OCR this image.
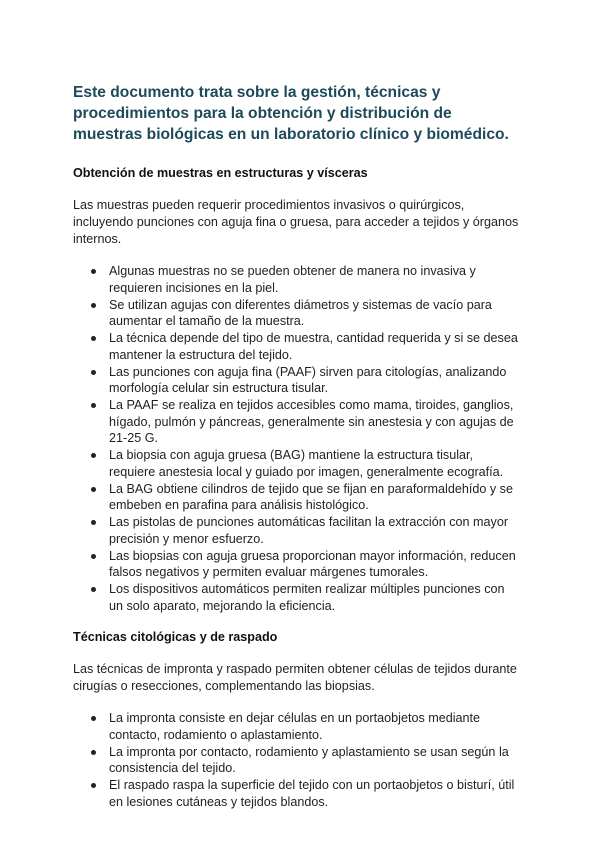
Este documento trata sobre la gestión, técnicas y procedimientos para la obtención y distribución de muestras biológicas en un laboratorio clínico y biomédico.
Obtención de muestras en estructuras y vísceras

Las muestras pueden requerir procedimientos invasivos o quirúrgicos, incluyendo punciones con aguja fina o gruesa, para acceder a tejidos y órganos internos.

Algunas muestras no se pueden obtener de manera no invasiva y requieren incisiones en la piel.
Se utilizan agujas con diferentes diámetros y sistemas de vacío para aumentar el tamaño de la muestra.
La técnica depende del tipo de muestra, cantidad requerida y si se desea mantener la estructura del tejido.
Las punciones con aguja fina (PAAF) sirven para citologías, analizando morfología celular sin estructura tisular.
La PAAF se realiza en tejidos accesibles como mama, tiroides, ganglios, hígado, pulmón y páncreas, generalmente sin anestesia y con agujas de 21-25 G.
La biopsia con aguja gruesa (BAG) mantiene la estructura tisular, requiere anestesia local y guiado por imagen, generalmente ecografía.
La BAG obtiene cilindros de tejido que se fijan en paraformaldehído y se embeben en parafina para análisis histológico.
Las pistolas de punciones automáticas facilitan la extracción con mayor precisión y menor esfuerzo.
Las biopsias con aguja gruesa proporcionan mayor información, reducen falsos negativos y permiten evaluar márgenes tumorales.
Los dispositivos automáticos permiten realizar múltiples punciones con un solo aparato, mejorando la eficiencia.
Técnicas citológicas y de raspado

Las técnicas de impronta y raspado permiten obtener células de tejidos durante cirugías o resecciones, complementando las biopsias.

La impronta consiste en dejar células en un portaobjetos mediante contacto, rodamiento o aplastamiento.
La impronta por contacto, rodamiento y aplastamiento se usan según la consistencia del tejido.
El raspado raspa la superficie del tejido con un portaobjetos o bisturí, útil en lesiones cutáneas y tejidos blandos.
